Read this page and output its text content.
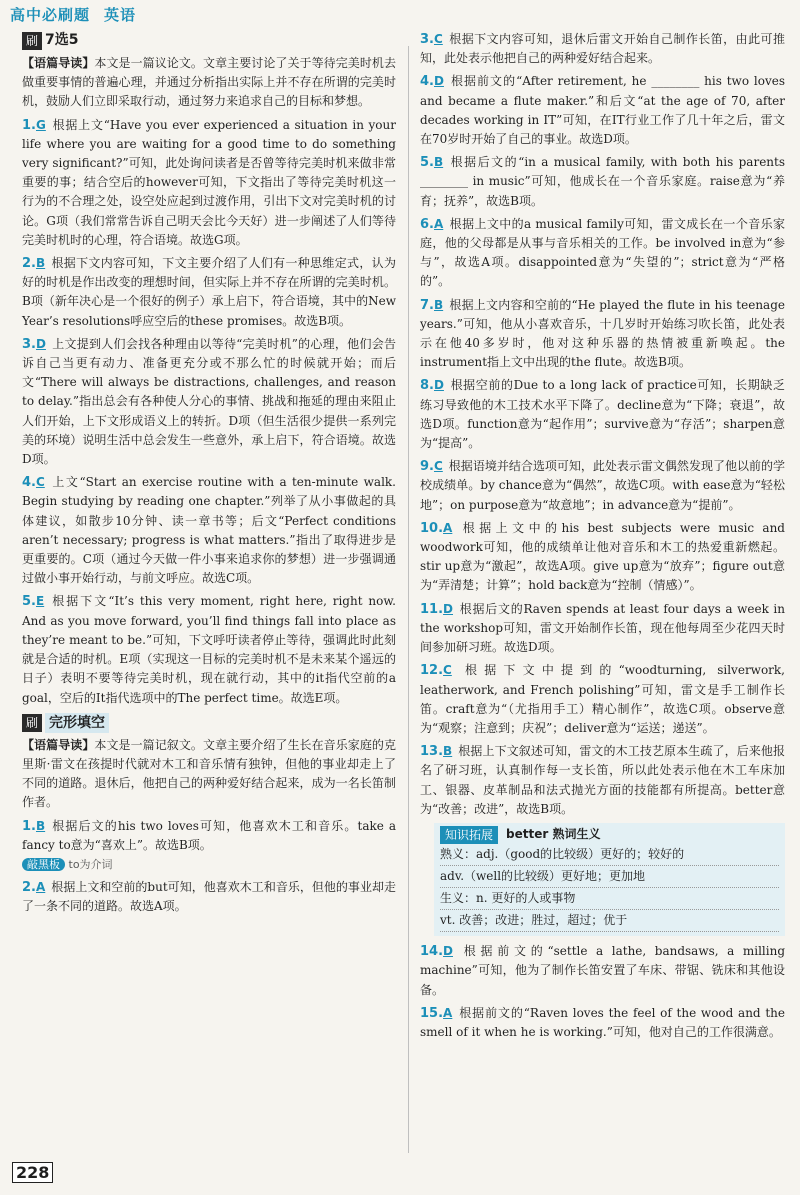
高中必刷题 英语
刷 7选5

【语篇导读】本文是一篇议论文。文章主要讨论了关于等待完美时机去做重要事情的普遍心理，并通过分析指出实际上并不存在所谓的完美时机，鼓励人们立即采取行动，通过努力来追求自己的目标和梦想。

1.G 根据上文“Have you ever experienced a situation in your life where you are waiting for a good time to do something very significant?”可知，此处询问读者是否曾等待完美时机来做非常重要的事；结合空后的however可知，下文指出了等待完美时机这一行为的不合理之处，设空处应起到过渡作用，引出下文对完美时机的讨论。G项（我们常常告诉自己明天会比今天好）进一步阐述了人们等待完美时机时的心理，符合语境。故选G项。

2.B 根据下文内容可知，下文主要介绍了人们有一种思维定式，认为好的时机是作出改变的理想时间，但实际上并不存在所谓的完美时机。B项（新年决心是一个很好的例子）承上启下，符合语境，其中的New Year’s resolutions呼应空后的these promises。故选B项。

3.D 上文提到人们会找各种理由以等待“完美时机”的心理，他们会告诉自己当更有动力、准备更充分或不那么忙的时候就开始；而后文“There will always be distractions, challenges, and reason to delay.”指出总会有各种使人分心的事情、挑战和拖延的理由来阻止人们开始，上下文形成语义上的转折。D项（但生活很少提供一系列完美的环境）说明生活中总会发生一些意外，承上启下，符合语境。故选D项。

4.C 上文“Start an exercise routine with a ten-minute walk. Begin studying by reading one chapter.”列举了从小事做起的具体建议，如散步10分钟、读一章书等；后文“Perfect conditions aren’t necessary; progress is what matters.”指出了取得进步是更重要的。C项（通过今天做一件小事来追求你的梦想）进一步强调通过做小事开始行动，与前文呼应。故选C项。

5.E 根据下文“It’s this very moment, right here, right now. And as you move forward, you’ll find things fall into place as they’re meant to be.”可知，下文呼吁读者停止等待，强调此时此刻就是合适的时机。E项（实现这一目标的完美时机不是未来某个遥远的日子）表明不要等待完美时机，现在就行动，其中的it指代空前的a goal，空后的It指代选项中的The perfect time。故选E项。

刷 完形填空

【语篇导读】本文是一篇记叙文。文章主要介绍了生长在音乐家庭的克里斯·雷文在孩提时代就对木工和音乐情有独钟，但他的事业却走上了不同的道路。退休后，他把自己的两种爱好结合起来，成为一名长笛制作者。

1.B 根据后文的his two loves可知，他喜欢木工和音乐。take a fancy to意为“喜欢上”。故选B项。
敲黑板 to为介词

2.A 根据上文和空前的but可知，他喜欢木工和音乐，但他的事业却走了一条不同的道路。故选A项。

3.C 根据下文内容可知，退休后雷文开始自己制作长笛，由此可推知，此处表示他把自己的两种爱好结合起来。

4.D 根据前文的“After retirement, he ________ his two loves and became a flute maker.”和后文“at the age of 70, after decades working in IT”可知，在IT行业工作了几十年之后，雷文在70岁时开始了自己的事业。故选D项。

5.B 根据后文的“in a musical family, with both his parents ________ in music”可知，他成长在一个音乐家庭。raise意为“养育；抚养”，故选B项。

6.A 根据上文中的a musical family可知，雷文成长在一个音乐家庭，他的父母都是从事与音乐相关的工作。be involved in意为“参与”，故选A项。disappointed意为“失望的”；strict意为“严格的”。

7.B 根据上文内容和空前的“He played the flute in his teenage years.”可知，他从小喜欢音乐，十几岁时开始练习吹长笛，此处表示在他40多岁时，他对这种乐器的热情被重新唤起。the instrument指上文中出现的the flute。故选B项。

8.D 根据空前的Due to a long lack of practice可知，长期缺乏练习导致他的木工技术水平下降了。decline意为“下降；衰退”，故选D项。function意为“起作用”；survive意为“存活”；sharpen意为“提高”。

9.C 根据语境并结合选项可知，此处表示雷文偶然发现了他以前的学校成绩单。by chance意为“偶然”，故选C项。with ease意为“轻松地”；on purpose意为“故意地”；in advance意为“提前”。

10.A 根据上文中的his best subjects were music and woodwork可知，他的成绩单让他对音乐和木工的热爱重新燃起。stir up意为“激起”，故选A项。give up意为“放弃”；figure out意为“弄清楚；计算”；hold back意为“控制（情感）”。

11.D 根据后文的Raven spends at least four days a week in the workshop可知，雷文开始制作长笛，现在他每周至少花四天时间参加研习班。故选D项。

12.C 根据下文中提到的“woodturning, silverwork, leatherwork, and French polishing”可知，雷文是手工制作长笛。craft意为“（尤指用手工）精心制作”，故选C项。observe意为“观察；注意到；庆祝”；deliver意为“运送；递送”。

13.B 根据上下文叙述可知，雷文的木工技艺原本生疏了，后来他报名了研习班，认真制作每一支长笛，所以此处表示他在木工车床加工、银器、皮革制品和法式抛光方面的技能都有所提高。better意为“改善；改进”，故选B项。

知识拓展	better 熟词生义

熟义：adj.（good的比较级）更好的；较好的

adv.（well的比较级）更好地；更加地

生义：n. 更好的人或事物

vt. 改善；改进；胜过，超过；优于

14.D 根据前文的“settle a lathe, bandsaws, a milling machine”可知，他为了制作长笛安置了车床、带锯、铣床和其他设备。

15.A 根据前文的“Raven loves the feel of the wood and the smell of it when he is working.”可知，他对自己的工作很满意。

228
